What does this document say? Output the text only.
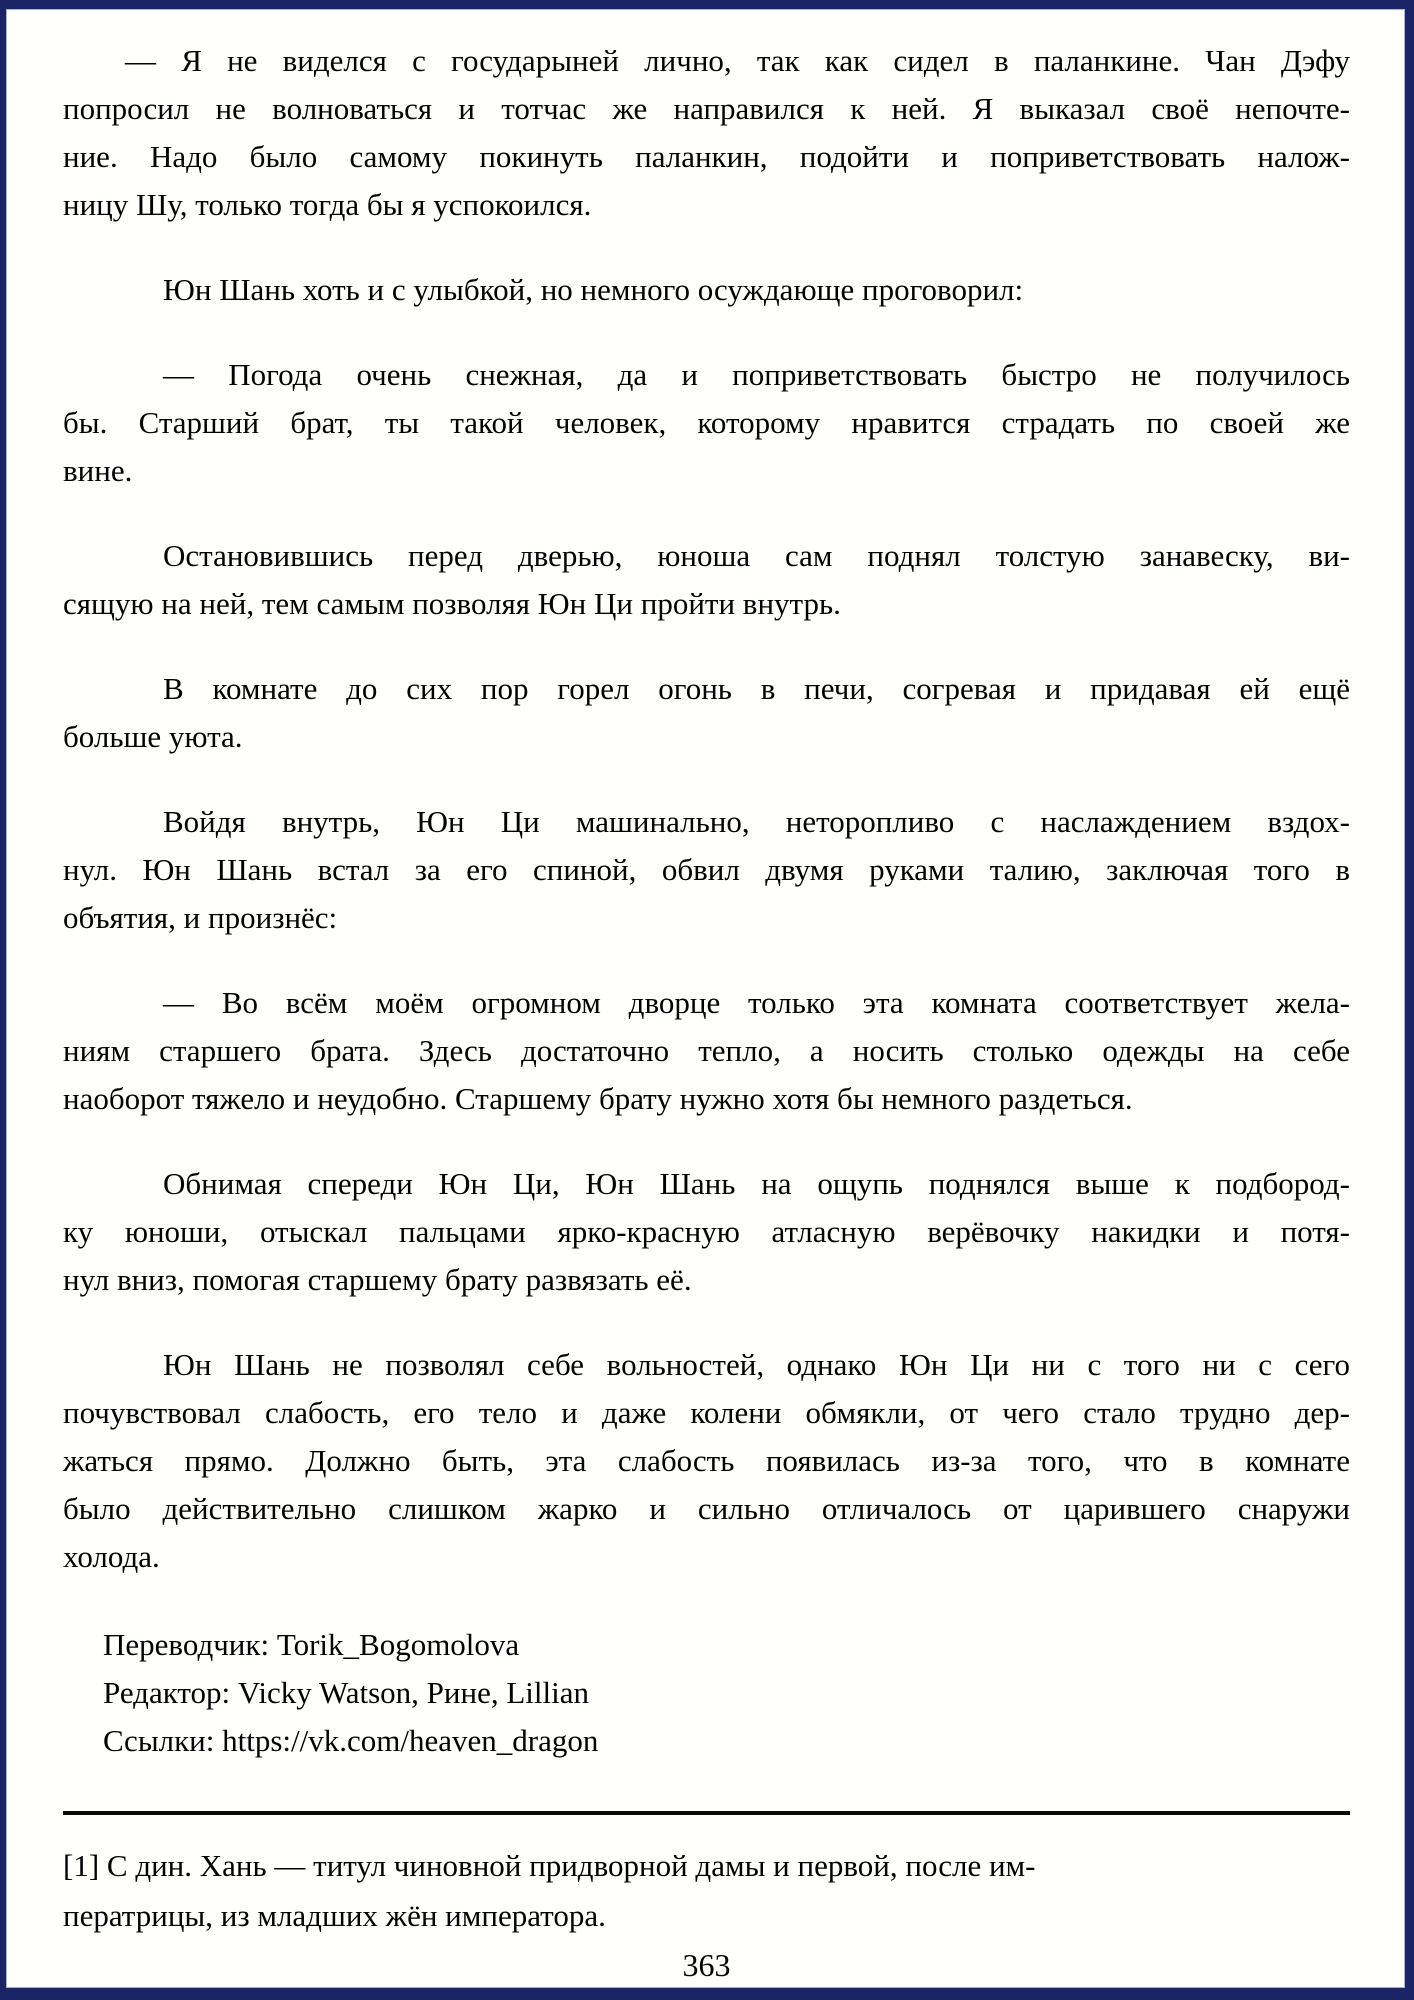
— Я не виделся с государыней лично, так как сидел в паланкине. Чан Дэфу
попросил не волноваться и тотчас же направился к ней. Я выказал своё непочте-
ние. Надо было самому покинуть паланкин, подойти и поприветствовать налож-
ницу Шу, только тогда бы я успокоился.

Юн Шань хоть и с улыбкой, но немного осуждающе проговорил:

— Погода очень снежная, да и поприветствовать быстро не получилось
бы. Старший брат, ты такой человек, которому нравится страдать по своей же
вине.

Остановившись перед дверью, юноша сам поднял толстую занавеску, ви-
сящую на ней, тем самым позволяя Юн Ци пройти внутрь.

В комнате до сих пор горел огонь в печи, согревая и придавая ей ещё
больше уюта.

Войдя внутрь, Юн Ци машинально, неторопливо с наслаждением вздох-
нул. Юн Шань встал за его спиной, обвил двумя руками талию, заключая того в
объятия, и произнёс:

— Во всём моём огромном дворце только эта комната соответствует жела-
ниям старшего брата. Здесь достаточно тепло, а носить столько одежды на себе
наоборот тяжело и неудобно. Старшему брату нужно хотя бы немного раздеться.

Обнимая спереди Юн Ци, Юн Шань на ощупь поднялся выше к подбород-
ку юноши, отыскал пальцами ярко-красную атласную верёвочку накидки и потя-
нул вниз, помогая старшему брату развязать её.

Юн Шань не позволял себе вольностей, однако Юн Ци ни с того ни с сего
почувствовал слабость, его тело и даже колени обмякли, от чего стало трудно дер-
жаться прямо. Должно быть, эта слабость появилась из-за того, что в комнате
было действительно слишком жарко и сильно отличалось от царившего снаружи
холода.

Переводчик: Torik_Bogomolova
Редактор: Vicky Watson, Рине, Lillian
Ссылки: https://vk.com/heaven_dragon
[1] С дин. Хань — титул чиновной придворной дамы и первой, после им-
ператрицы, из младших жён императора.
363
